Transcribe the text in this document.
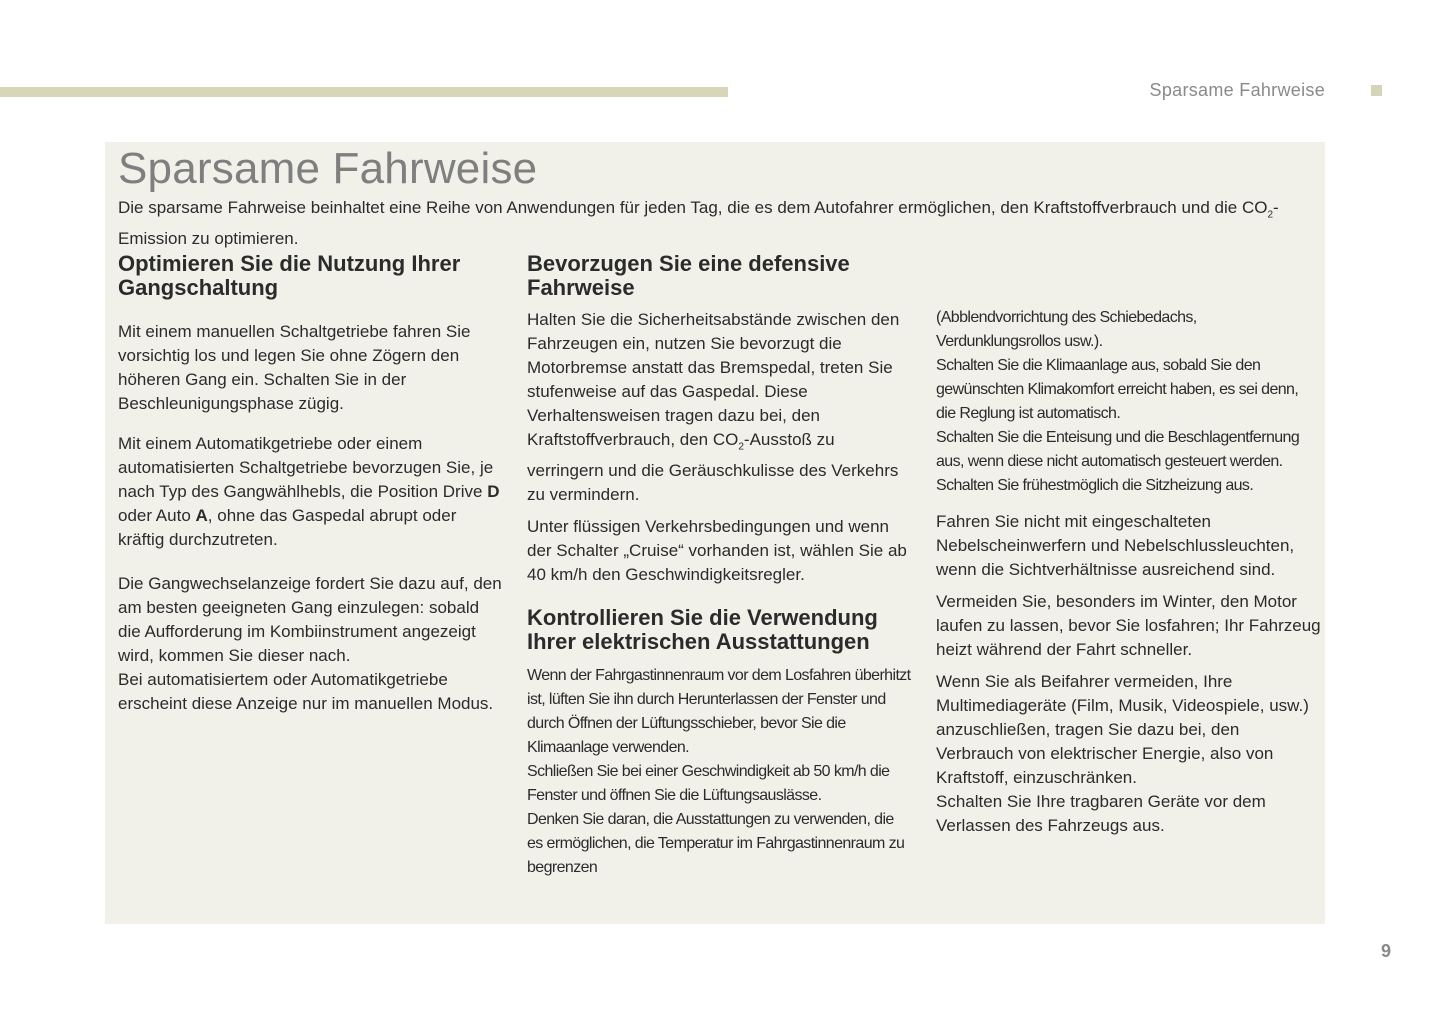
Sparsame Fahrweise
Sparsame Fahrweise

Die sparsame Fahrweise beinhaltet eine Reihe von Anwendungen für jeden Tag, die es dem Autofahrer ermöglichen, den Kraftstoffverbrauch und die $CO_2$-Emission zu optimieren.

Optimieren Sie die Nutzung Ihrer Gangschaltung

Mit einem manuellen Schaltgetriebe fahren Sie vorsichtig los und legen Sie ohne Zögern den höheren Gang ein. Schalten Sie in der Beschleunigungsphase zügig.

Mit einem Automatikgetriebe oder einem automatisierten Schaltgetriebe bevorzugen Sie, je nach Typ des Gangwählhebls, die Position Drive D oder Auto A, ohne das Gaspedal abrupt oder kräftig durchzutreten.

Die Gangwechselanzeige fordert Sie dazu auf, den am besten geeigneten Gang einzulegen: sobald die Aufforderung im Kombiinstrument angezeigt wird, kommen Sie dieser nach.
Bei automatisiertem oder Automatikgetriebe erscheint diese Anzeige nur im manuellen Modus.

Bevorzugen Sie eine defensive Fahrweise

Halten Sie die Sicherheitsabstände zwischen den Fahrzeugen ein, nutzen Sie bevorzugt die Motorbremse anstatt das Bremspedal, treten Sie stufenweise auf das Gaspedal. Diese Verhaltensweisen tragen dazu bei, den Kraftstoffverbrauch, den $CO_2$-Ausstoß zu verringern und die Geräuschkulisse des Verkehrs zu vermindern.

Unter flüssigen Verkehrsbedingungen und wenn der Schalter „Cruise“ vorhanden ist, wählen Sie ab 40 km/h den Geschwindigkeitsregler.

Kontrollieren Sie die Verwendung Ihrer elektrischen Ausstattungen

Wenn der Fahrgastinnenraum vor dem Losfahren überhitzt ist, lüften Sie ihn durch Herunterlassen der Fenster und durch Öffnen der Lüftungsschieber, bevor Sie die Klimaanlage verwenden.
Schließen Sie bei einer Geschwindigkeit ab 50 km/h die Fenster und öffnen Sie die Lüftungsauslässe.
Denken Sie daran, die Ausstattungen zu verwenden, die es ermöglichen, die Temperatur im Fahrgastinnenraum zu begrenzen

(Abblendvorrichtung des Schiebedachs, Verdunklungsrollos usw.).
Schalten Sie die Klimaanlage aus, sobald Sie den gewünschten Klimakomfort erreicht haben, es sei denn, die Reglung ist automatisch.
Schalten Sie die Enteisung und die Beschlagentfernung aus, wenn diese nicht automatisch gesteuert werden.
Schalten Sie frühestmöglich die Sitzheizung aus.

Fahren Sie nicht mit eingeschalteten Nebelscheinwerfern und Nebelschlussleuchten, wenn die Sichtverhältnisse ausreichend sind.

Vermeiden Sie, besonders im Winter, den Motor laufen zu lassen, bevor Sie losfahren; Ihr Fahrzeug heizt während der Fahrt schneller.

Wenn Sie als Beifahrer vermeiden, Ihre Multimediageräte (Film, Musik, Videospiele, usw.) anzuschließen, tragen Sie dazu bei, den Verbrauch von elektrischer Energie, also von Kraftstoff, einzuschränken.
Schalten Sie Ihre tragbaren Geräte vor dem Verlassen des Fahrzeugs aus.

9
